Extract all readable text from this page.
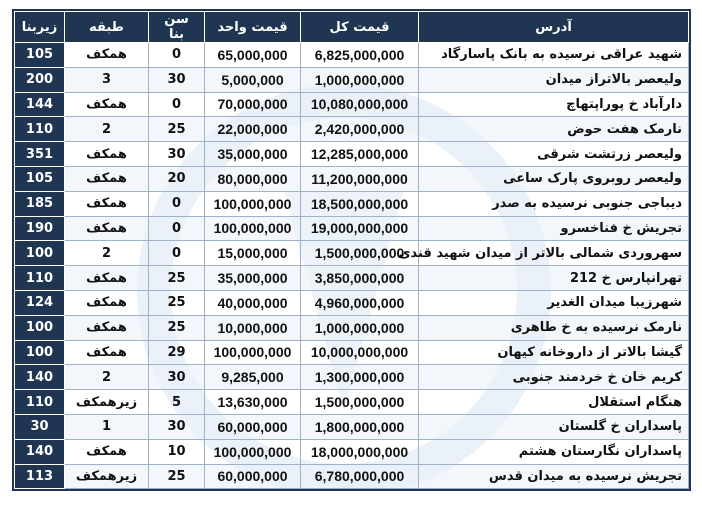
زیربنا	طبقه	سن بنا	قیمت واحد	قیمت کل	آدرس
105	همکف	0	65,000,000	6,825,000,000	شهید عراقی نرسیده به بانک پاسارگاد
200	3	30	5,000,000	1,000,000,000	ولیعصر بالاتراز میدان
144	همکف	0	70,000,000	10,080,000,000	دارآباد خ پوراپتهاچ
110	2	25	22,000,000	2,420,000,000	نارمک هفت حوض
351	همکف	30	35,000,000	12,285,000,000	ولیعصر زرتشت شرقی
105	همکف	20	80,000,000	11,200,000,000	ولیعصر روبروی پارک ساعی
185	همکف	0	100,000,000	18,500,000,000	دیباجی جنوبی نرسیده به صدر
190	همکف	0	100,000,000	19,000,000,000	تجریش خ فناخسرو
100	2	0	15,000,000	1,500,000,000	سهروردی شمالی بالاتر از میدان شهید قندی
110	همکف	25	35,000,000	3,850,000,000	تهرانپارس خ 212
124	همکف	25	40,000,000	4,960,000,000	شهرزیبا میدان الغدیر
100	همکف	25	10,000,000	1,000,000,000	نارمک نرسیده به خ طاهری
100	همکف	29	100,000,000	10,000,000,000	گیشا بالاتر از داروخانه کیهان
140	2	30	9,285,000	1,300,000,000	کریم خان خ خردمند جنوبی
110	زیرهمکف	5	13,630,000	1,500,000,000	هنگام استقلال
30	1	30	60,000,000	1,800,000,000	پاسداران خ گلستان
140	همکف	10	100,000,000	18,000,000,000	پاسداران نگارستان هشتم
113	زیرهمکف	25	60,000,000	6,780,000,000	تجریش نرسیده به میدان قدس
